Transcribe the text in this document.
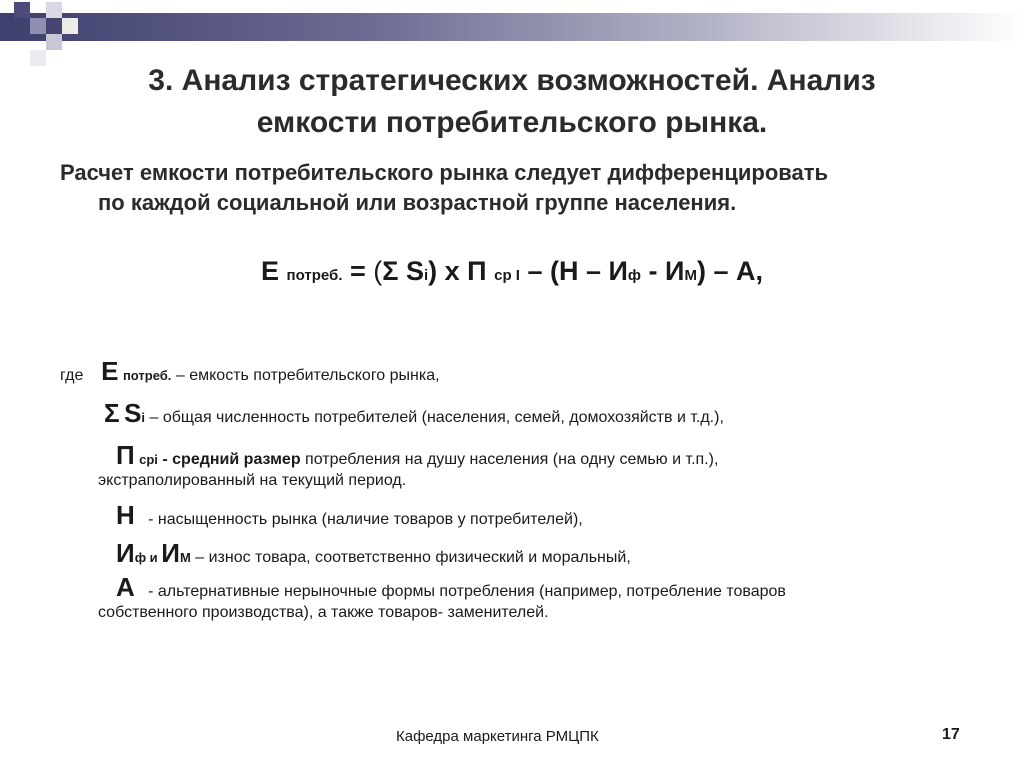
3. Анализ стратегических возможностей. Анализ
емкости потребительского рынка.
Расчет емкости потребительского рынка следует дифференцировать
по каждой социальной или возрастной группе населения.
Е потреб. = (Σ Si) х П ср I – (Н – Иф - ИМ) – А,
где Е потреб. – емкость потребительского рынка,
Σ Si – общая численность потребителей (населения, семей, домохозяйств и т.д.),
П срi - средний размер потребления на душу населения (на одну семью и т.п.),
экстраполированный на текущий период.
Н   - насыщенность рынка (наличие товаров у потребителей),
Иф и ИМ – износ товара, соответственно физический и моральный,
А   - альтернативные нерыночные формы потребления (например, потребление товаров
собственного производства), а также товаров- заменителей.
Кафедра маркетинга РМЦПК	17
